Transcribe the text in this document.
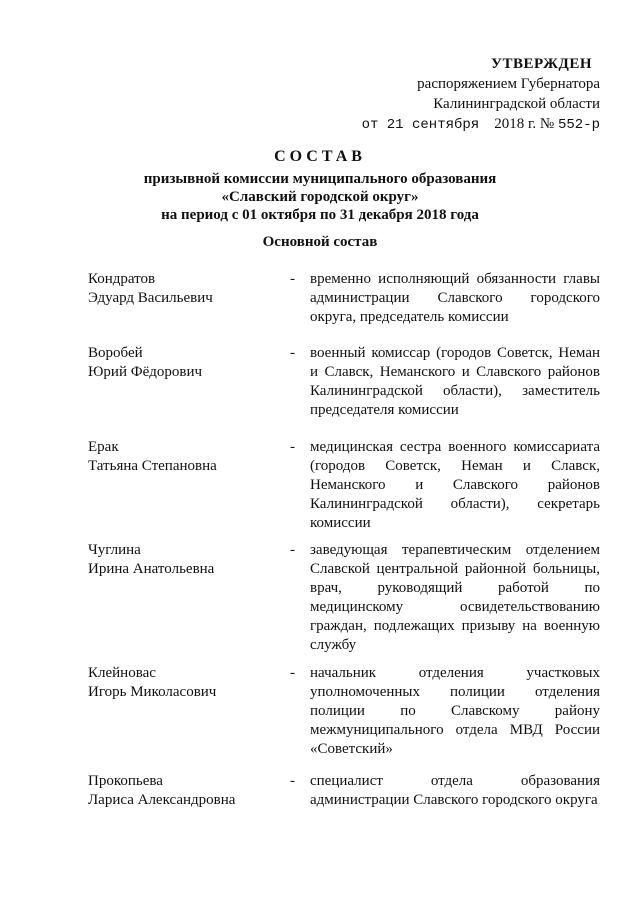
УТВЕРЖДЕН
распоряжением Губернатора
Калининградской области
от 21 сентября 2018 г. № 552-р
СОСТАВ
призывной комиссии муниципального образования
«Славский городской округ»
на период с 01 октября по 31 декабря 2018 года
Основной состав
Кондратов
Эдуард Васильевич
- временно исполняющий обязанности главы администрации Славского городского округа, председатель комиссии
Воробей
Юрий Фёдорович
- военный комиссар (городов Советск, Неман и Славск, Неманского и Славского районов Калининградской области), заместитель председателя комиссии
Ерак
Татьяна Степановна
- медицинская сестра военного комиссариата (городов Советск, Неман и Славск, Неманского и Славского районов Калининградской области), секретарь комиссии
Чуглина
Ирина Анатольевна
- заведующая терапевтическим отделением Славской центральной районной больницы, врач, руководящий работой по медицинскому освидетельствованию граждан, подлежащих призыву на военную службу
Клейновас
Игорь Миколасович
- начальник отделения участковых уполномоченных полиции отделения полиции по Славскому району межмуниципального отдела МВД России «Советский»
Прокопьева
Лариса Александровна
- специалист отдела образования администрации Славского городского округа
